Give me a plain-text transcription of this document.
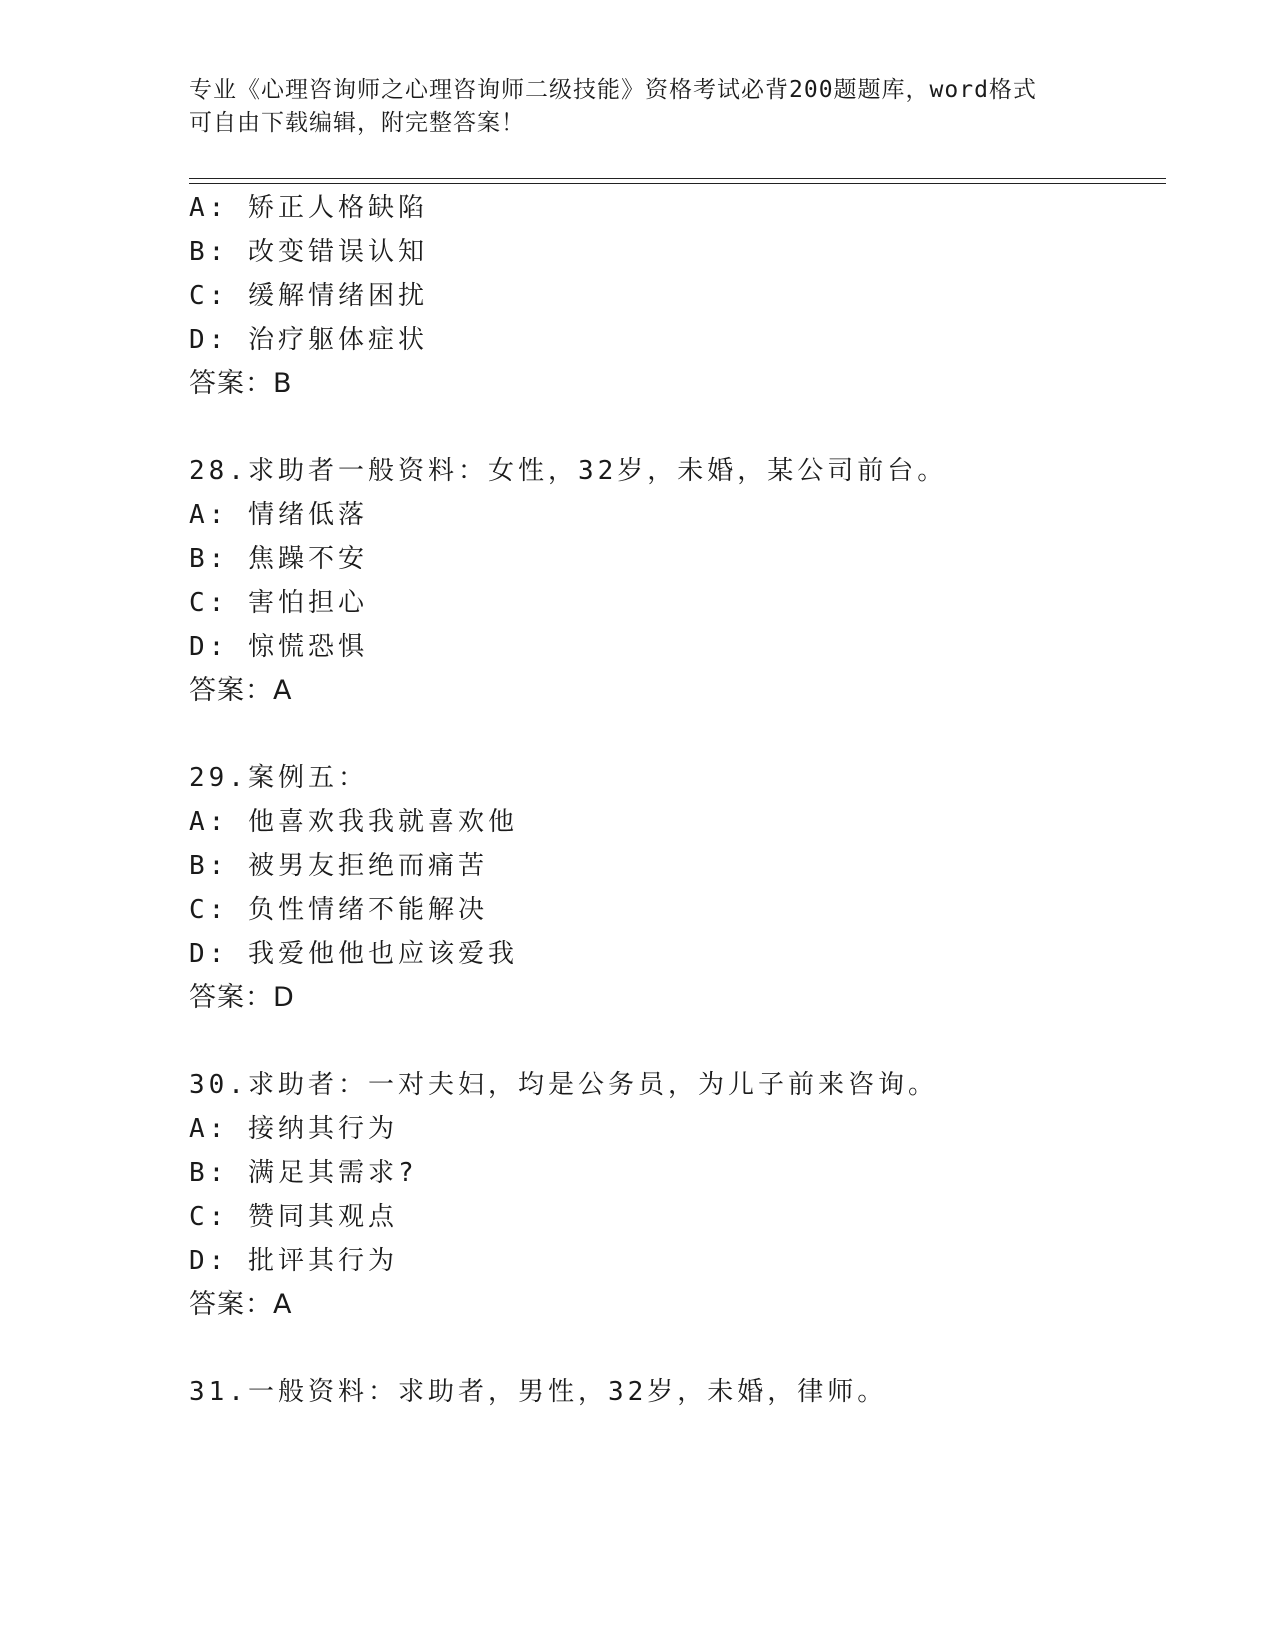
专业《心理咨询师之心理咨询师二级技能》资格考试必背200题题库，word格式
可自由下载编辑，附完整答案！
A: 矫正人格缺陷
B: 改变错误认知
C: 缓解情绪困扰
D: 治疗躯体症状
答案：B
28.求助者一般资料：女性，32岁，未婚，某公司前台。
A: 情绪低落
B: 焦躁不安
C: 害怕担心
D: 惊慌恐惧
答案：A
29.案例五：
A: 他喜欢我我就喜欢他
B: 被男友拒绝而痛苦
C: 负性情绪不能解决
D: 我爱他他也应该爱我
答案：D
30.求助者：一对夫妇，均是公务员，为儿子前来咨询。
A: 接纳其行为
B: 满足其需求?
C: 赞同其观点
D: 批评其行为
答案：A
31.一般资料：求助者，男性，32岁，未婚，律师。
